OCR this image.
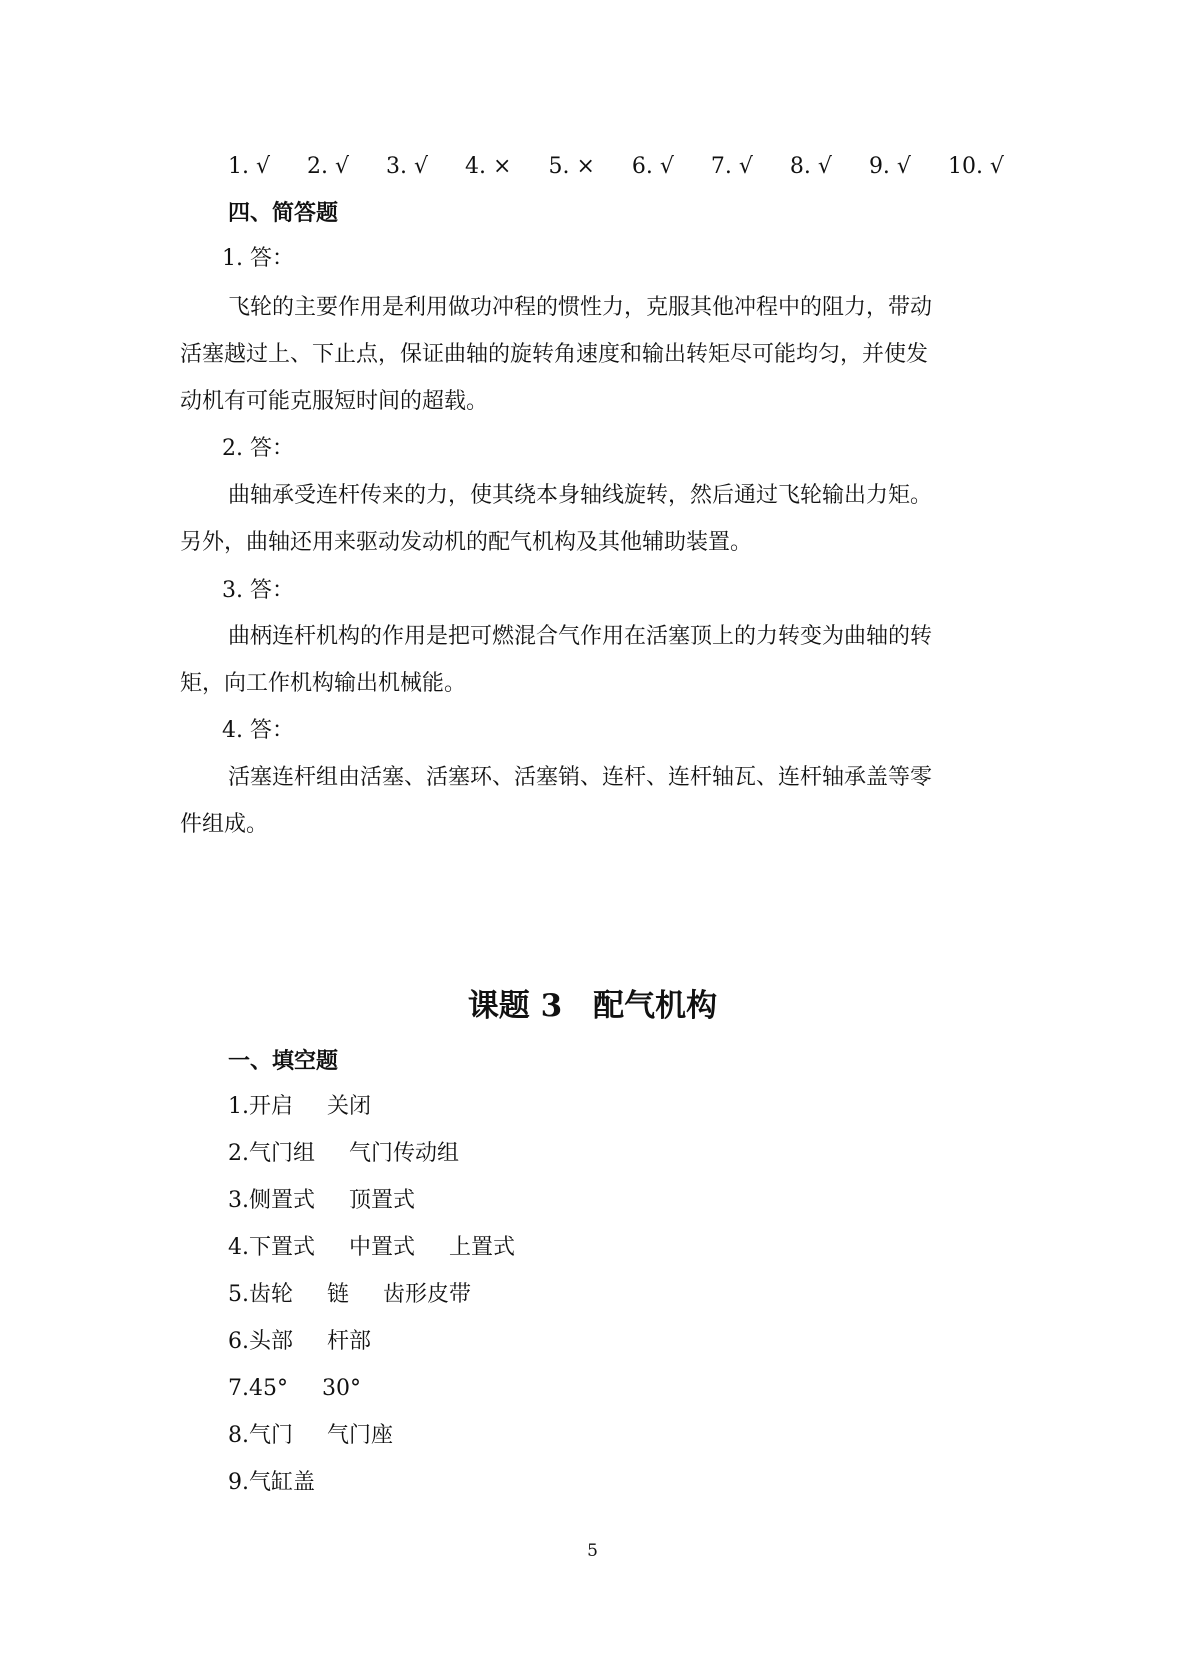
1. √ 2. √ 3. √ 4. × 5. × 6. √ 7. √ 8. √ 9. √ 10. √
四、简答题
1. 答：
飞轮的主要作用是利用做功冲程的惯性力，克服其他冲程中的阻力，带动
活塞越过上、下止点，保证曲轴的旋转角速度和输出转矩尽可能均匀，并使发
动机有可能克服短时间的超载。
2. 答：
曲轴承受连杆传来的力，使其绕本身轴线旋转，然后通过飞轮输出力矩。
另外，曲轴还用来驱动发动机的配气机构及其他辅助装置。
3. 答：
曲柄连杆机构的作用是把可燃混合气作用在活塞顶上的力转变为曲轴的转
矩，向工作机构输出机械能。
4. 答：
活塞连杆组由活塞、活塞环、活塞销、连杆、连杆轴瓦、连杆轴承盖等零
件组成。
课题 3　配气机构
一、填空题
1.开启 关闭
2.气门组 气门传动组
3.侧置式 顶置式
4.下置式 中置式 上置式
5.齿轮 链 齿形皮带
6.头部 杆部
7.45° 30°
8.气门 气门座
9.气缸盖
5
